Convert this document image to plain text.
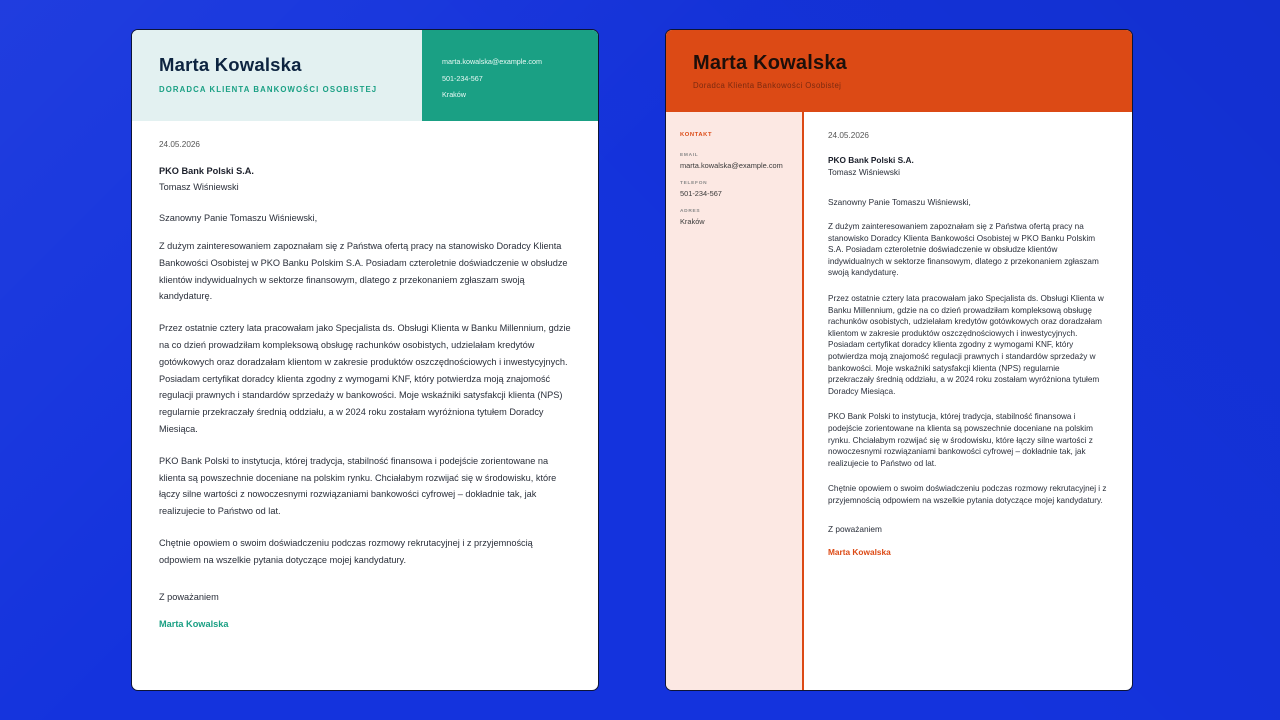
Marta Kowalska
DORADCA KLIENTA BANKOWOŚCI OSOBISTEJ
marta.kowalska@example.com
501-234-567
Kraków
24.05.2026
PKO Bank Polski S.A.
Tomasz Wiśniewski
Szanowny Panie Tomaszu Wiśniewski,

Z dużym zainteresowaniem zapoznałam się z Państwa ofertą pracy na stanowisko Doradcy Klienta Bankowości Osobistej w PKO Banku Polskim S.A. Posiadam czteroletnie doświadczenie w obsłudze klientów indywidualnych w sektorze finansowym, dlatego z przekonaniem zgłaszam swoją kandydaturę.

Przez ostatnie cztery lata pracowałam jako Specjalista ds. Obsługi Klienta w Banku Millennium, gdzie na co dzień prowadziłam kompleksową obsługę rachunków osobistych, udzielałam kredytów gotówkowych oraz doradzałam klientom w zakresie produktów oszczędnościowych i inwestycyjnych. Posiadam certyfikat doradcy klienta zgodny z wymogami KNF, który potwierdza moją znajomość regulacji prawnych i standardów sprzedaży w bankowości. Moje wskaźniki satysfakcji klienta (NPS) regularnie przekraczały średnią oddziału, a w 2024 roku zostałam wyróżniona tytułem Doradcy Miesiąca.

PKO Bank Polski to instytucja, której tradycja, stabilność finansowa i podejście zorientowane na klienta są powszechnie doceniane na polskim rynku. Chciałabym rozwijać się w środowisku, które łączy silne wartości z nowoczesnymi rozwiązaniami bankowości cyfrowej – dokładnie tak, jak realizujecie to Państwo od lat.

Chętnie opowiem o swoim doświadczeniu podczas rozmowy rekrutacyjnej i z przyjemnością odpowiem na wszelkie pytania dotyczące mojej kandydatury.

Z poważaniem
Marta Kowalska
Marta Kowalska
Doradca Klienta Bankowości Osobistej
KONTAKT
EMAIL
marta.kowalska@example.com
TELEFON
501-234-567
ADRES
Kraków
24.05.2026
PKO Bank Polski S.A.
Tomasz Wiśniewski
Szanowny Panie Tomaszu Wiśniewski,

Z dużym zainteresowaniem zapoznałam się z Państwa ofertą pracy na stanowisko Doradcy Klienta Bankowości Osobistej w PKO Banku Polskim S.A. Posiadam czteroletnie doświadczenie w obsłudze klientów indywidualnych w sektorze finansowym, dlatego z przekonaniem zgłaszam swoją kandydaturę.

Przez ostatnie cztery lata pracowałam jako Specjalista ds. Obsługi Klienta w Banku Millennium, gdzie na co dzień prowadziłam kompleksową obsługę rachunków osobistych, udzielałam kredytów gotówkowych oraz doradzałam klientom w zakresie produktów oszczędnościowych i inwestycyjnych. Posiadam certyfikat doradcy klienta zgodny z wymogami KNF, który potwierdza moją znajomość regulacji prawnych i standardów sprzedaży w bankowości. Moje wskaźniki satysfakcji klienta (NPS) regularnie przekraczały średnią oddziału, a w 2024 roku zostałam wyróżniona tytułem Doradcy Miesiąca.

PKO Bank Polski to instytucja, której tradycja, stabilność finansowa i podejście zorientowane na klienta są powszechnie doceniane na polskim rynku. Chciałabym rozwijać się w środowisku, które łączy silne wartości z nowoczesnymi rozwiązaniami bankowości cyfrowej – dokładnie tak, jak realizujecie to Państwo od lat.

Chętnie opowiem o swoim doświadczeniu podczas rozmowy rekrutacyjnej i z przyjemnością odpowiem na wszelkie pytania dotyczące mojej kandydatury.

Z poważaniem
Marta Kowalska
